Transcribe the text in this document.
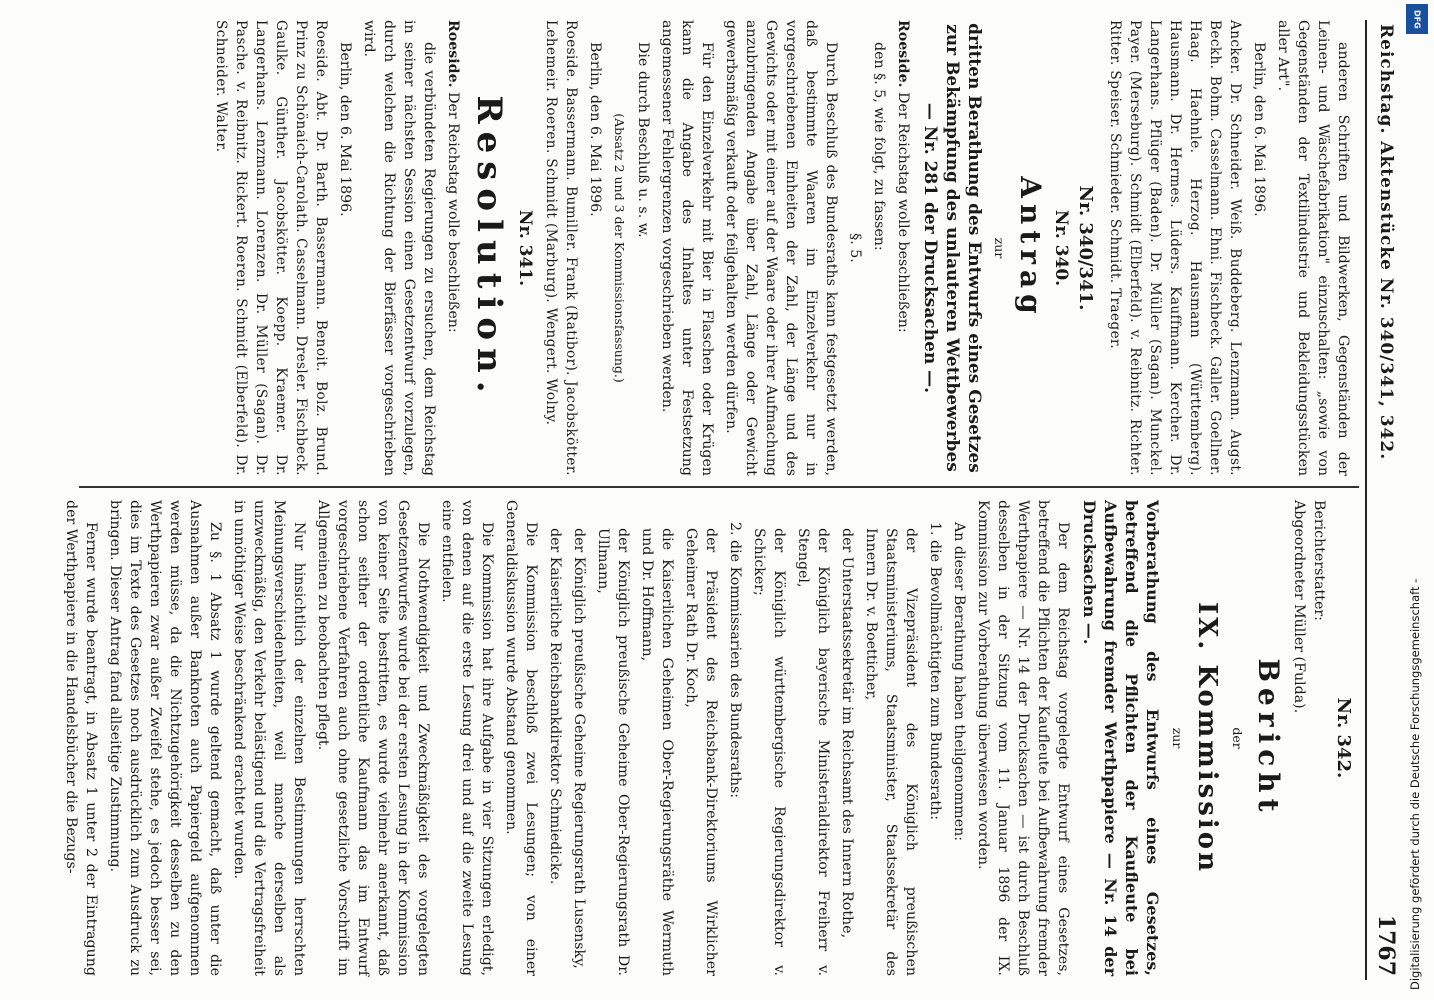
Reichstag. Aktenstücke Nr. 340/341, 342.
1767

anderen Schriften und Bildwerken, Gegenständen der Leinen- und Wäschefabrikation" einzuschalten: „sowie von Gegenständen der Textilindustrie und Bekleidungsstücken aller Art".

Berlin, den 6. Mai 1896.

Ancker. Dr. Schneider. Weiß. Buddeberg. Lenzmann. Augst. Beckh. Bohm. Casselmann. Ehni. Fischbeck. Galler. Goellner. Haag. Haehnle. Herzog. Hausmann (Württemberg). Hausmann. Dr. Hermes. Lüders. Kauffmann. Kercher. Dr. Langerhans. Pflüger (Baden). Dr. Müller (Sagan). Munckel. Payer. (Merseburg). Schmidt (Elberfeld). v. Reibnitz. Richter. Ritter. Speiser. Schmieder. Schmidt. Traeger.

Nr. 340/341.

Nr. 340.

Antrag

zur

dritten Berathung des Entwurfs eines Gesetzes zur Bekämpfung des unlauteren Wettbewerbes — Nr. 281 der Drucksachen —.

Roeside. Der Reichstag wolle beschließen:

den §. 5, wie folgt, zu fassen:

§. 5.

Durch Beschluß des Bundesraths kann festgesetzt werden, daß bestimmte Waaren im Einzelverkehr nur in vorgeschriebenen Einheiten der Zahl, der Länge und des Gewichts oder mit einer auf der Waare oder ihrer Aufmachung anzubringenden Angabe über Zahl, Länge oder Gewicht gewerbsmäßig verkauft oder feilgehalten werden dürfen.

Für den Einzelverkehr mit Bier in Flaschen oder Krügen kann die Angabe des Inhaltes unter Festsetzung angemessener Fehlergrenzen vorgeschrieben werden.

Die durch Beschluß u. s. w.

(Absatz 2 und 3 der Kommissionsfassung.)

Berlin, den 6. Mai 1896.

Roeside. Bassermann. Bumiller. Frank (Ratibor). Jacobskötter. Lehemeir. Roeren. Schmidt (Marburg). Wengert. Wolny.

Nr. 341.

Resolution.

Roeside. Der Reichstag wolle beschließen:

die verbündeten Regierungen zu ersuchen, dem Reichstag in seiner nächsten Session einen Gesetzentwurf vorzulegen, durch welchen die Richtung der Bierfässer vorgeschrieben wird.

Berlin, den 6. Mai 1896.

Roeside. Abt. Dr. Barth. Bassermann. Benoit. Bolz. Brund. Prinz zu Schönaich-Carolath. Casselmann. Dresler. Fischbeck. Gaulke. Günther. Jacobskötter. Koepp. Kraemer. Dr. Langerhans. Lenzmann. Lorenzen. Dr. Müller (Sagan). Dr. Pasche. v. Reibnitz. Rickert. Roeren. Schmidt (Elberfeld). Dr. Schneider. Walter.

Nr. 342.

Berichterstatter:
Abgeordneter Müller (Fulda).

Bericht

der

IX. Kommission

zur

Vorberathung des Entwurfs eines Gesetzes, betreffend die Pflichten der Kaufleute bei Aufbewahrung fremder Werthpapiere — Nr. 14 der Drucksachen —.

Der dem Reichstag vorgelegte Entwurf eines Gesetzes, betreffend die Pflichten der Kaufleute bei Aufbewahrung fremder Werthpapiere — Nr. 14 der Drucksachen — ist durch Beschluß desselben in der Sitzung vom 11. Januar 1896 der IX. Kommission zur Vorberathung überwiesen worden.

An dieser Berathung haben theilgenommen:

1. die Bevollmächtigten zum Bundesrath:

der Vizepräsident des Königlich preußischen Staatsministeriums, Staatsminister, Staatssekretär des Innern Dr. v. Boetticher,

der Unterstaatssekretär im Reichsamt des Innern Rothe,

der Königlich bayerische Ministerialdirektor Freiherr v. Stengel,

der Königlich württembergische Regierungsdirektor v. Schicker;

2. die Kommissarien des Bundesraths:

der Präsident des Reichsbank-Direktoriums Wirklicher Geheimer Rath Dr. Koch,

die Kaiserlichen Geheimen Ober-Regierungsräthe Wermuth und Dr. Hoffmann,

der Königlich preußische Geheime Ober-Regierungsrath Dr. Ullmann,

der Königlich preußische Geheime Regierungsrath Lusensky,

der Kaiserliche Reichsbankdirektor Schmiedicke.

Die Kommission beschloß zwei Lesungen; von einer Generaldiskussion wurde Abstand genommen.

Die Kommission hat ihre Aufgabe in vier Sitzungen erledigt, von denen auf die erste Lesung drei und auf die zweite Lesung eine entfielen.

Die Nothwendigkeit und Zweckmäßigkeit des vorgelegten Gesetzentwurfes wurde bei der ersten Lesung in der Kommission von keiner Seite bestritten, es wurde vielmehr anerkannt, daß schon seither der ordentliche Kaufmann das im Entwurf vorgeschriebene Verfahren auch ohne gesetzliche Vorschrift im Allgemeinen zu beobachten pflegt.

Nur hinsichtlich der einzelnen Bestimmungen herrschten Meinungsverschiedenheiten, weil manche derselben als unzweckmäßig, den Verkehr belästigend und die Vertragsfreiheit in unnöthiger Weise beschränkend erachtet wurden.

Zu §. 1 Absatz 1 wurde geltend gemacht, daß unter die Ausnahmen außer Banknoten auch Papiergeld aufgenommen werden müsse, da die Nichtzugehörigkeit desselben zu den Werthpapieren zwar außer Zweifel stehe, es jedoch besser sei, dies im Texte des Gesetzes noch ausdrücklich zum Ausdruck zu bringen. Dieser Antrag fand allseitige Zustimmung.

Ferner wurde beantragt, in Absatz 1 unter 2 der Eintragung der Werthpapiere in die Handelsbücher die Bezugs-	Digitalisierung gefördert durch die Deutsche Forschungsgemeinschaft -
DFG
